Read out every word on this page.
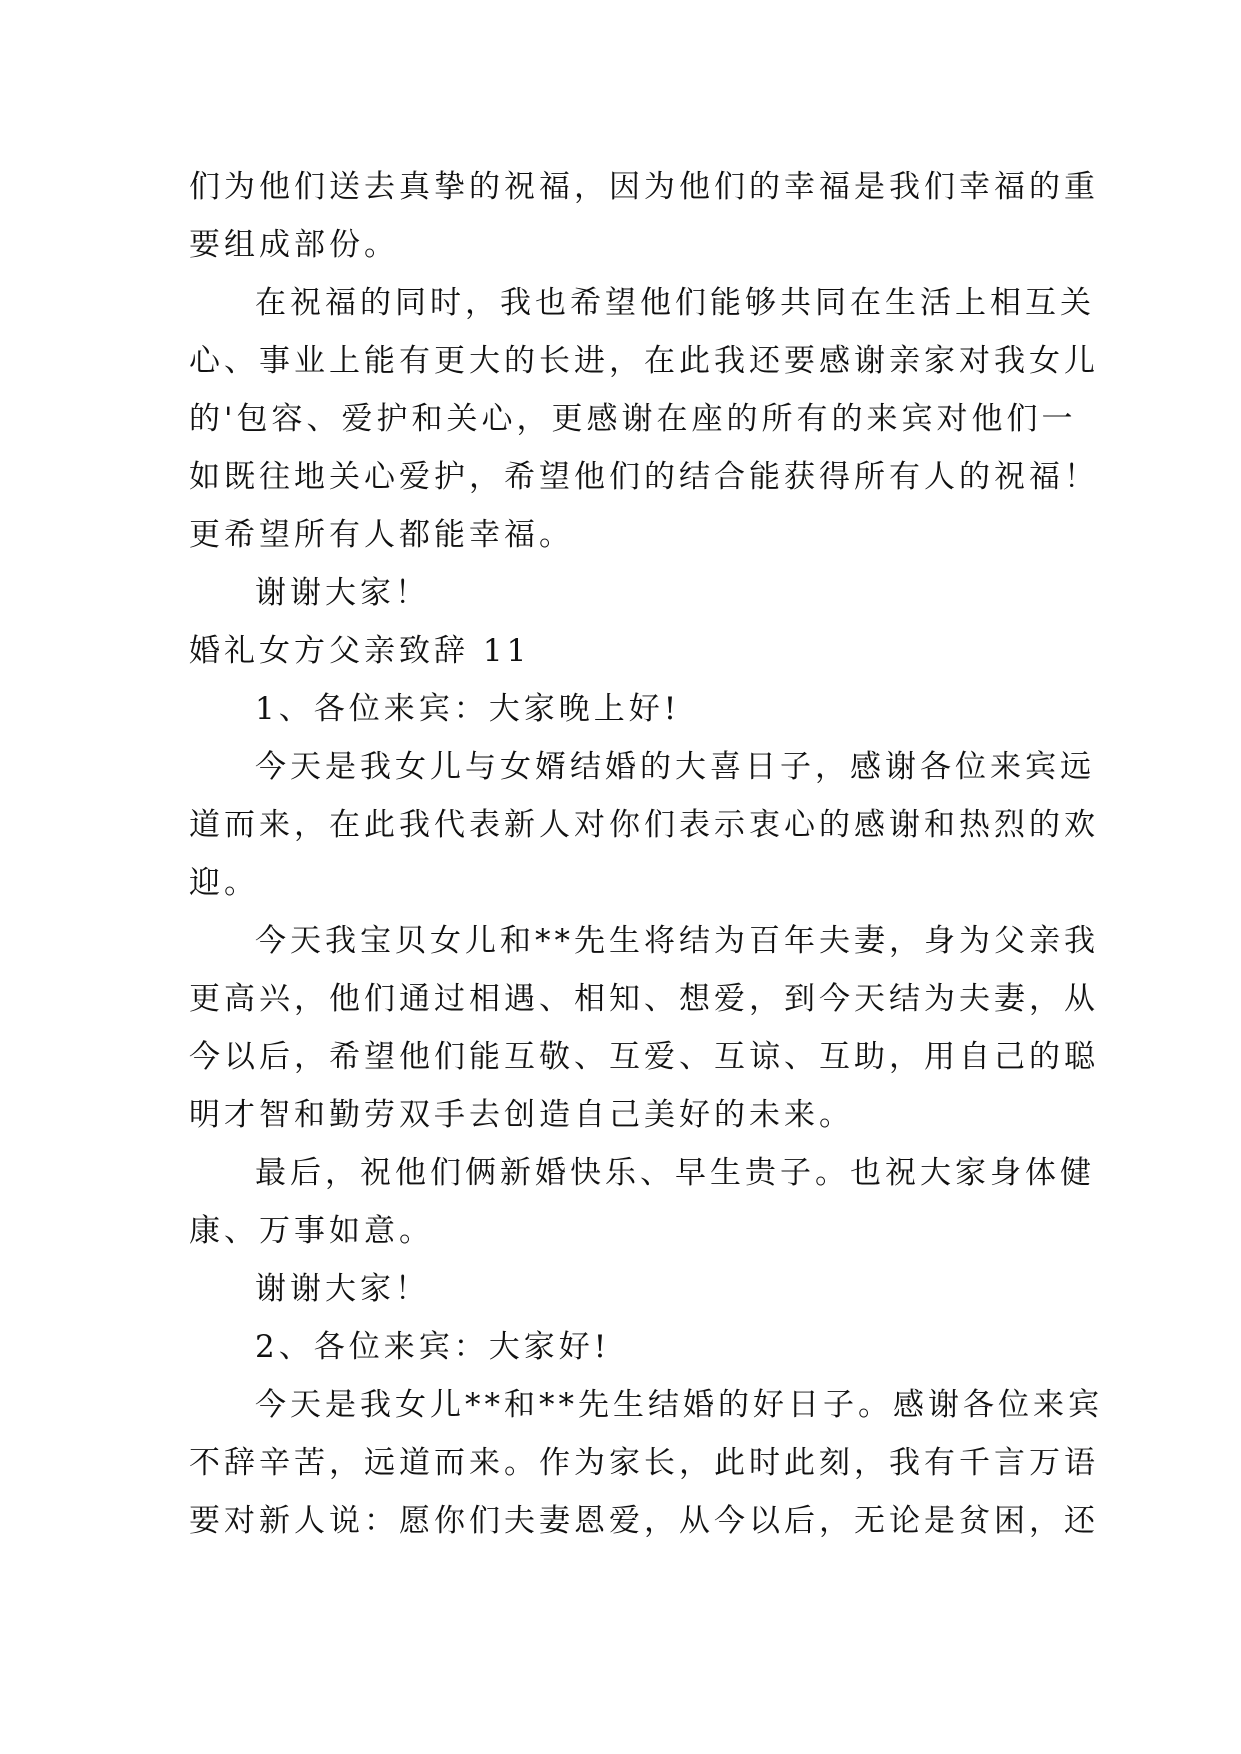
们为他们送去真挚的祝福，因为他们的幸福是我们幸福的重
要组成部份。
在祝福的同时，我也希望他们能够共同在生活上相互关
心、事业上能有更大的长进，在此我还要感谢亲家对我女儿
的'包容、爱护和关心，更感谢在座的所有的来宾对他们一
如既往地关心爱护，希望他们的结合能获得所有人的祝福！
更希望所有人都能幸福。
谢谢大家！
婚礼女方父亲致辞 11
1、各位来宾：大家晚上好!
今天是我女儿与女婿结婚的大喜日子，感谢各位来宾远
道而来，在此我代表新人对你们表示衷心的感谢和热烈的欢
迎。
今天我宝贝女儿和**先生将结为百年夫妻，身为父亲我
更高兴，他们通过相遇、相知、想爱，到今天结为夫妻，从
今以后，希望他们能互敬、互爱、互谅、互助，用自己的聪
明才智和勤劳双手去创造自己美好的未来。
最后，祝他们俩新婚快乐、早生贵子。也祝大家身体健
康、万事如意。
谢谢大家！
2、各位来宾：大家好!
今天是我女儿**和**先生结婚的好日子。感谢各位来宾
不辞辛苦，远道而来。作为家长，此时此刻，我有千言万语
要对新人说：愿你们夫妻恩爱，从今以后，无论是贫困，还
